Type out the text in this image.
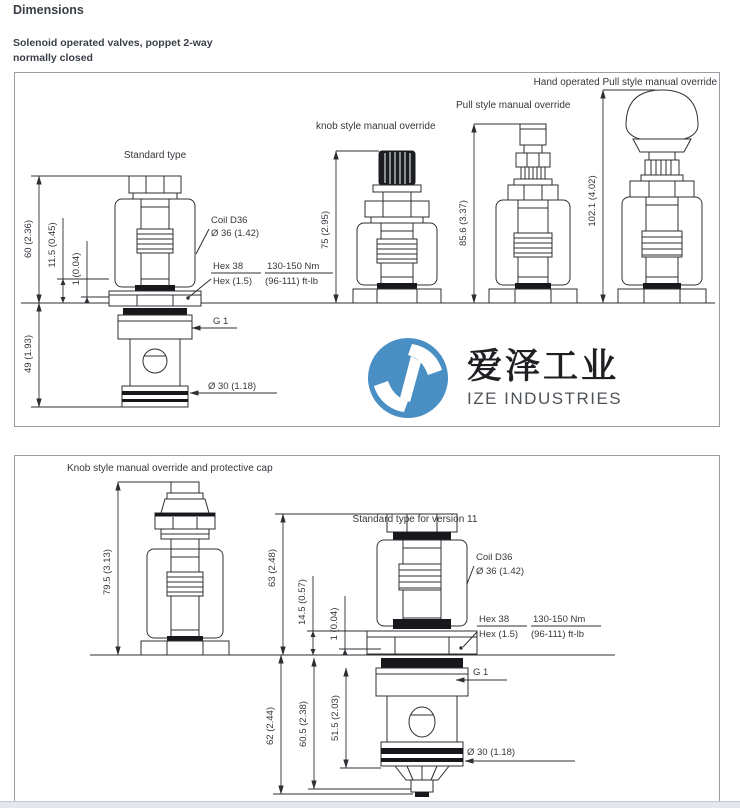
Dimensions
Solenoid operated valves, poppet 2-way
normally closed
60 (2.36) 11.5 (0.45)
1 (0.04)
49 (1.93)
Standard type
Coil D36
Ø 36 (1.42)
Hex 38
Hex (1.5)
130-150 Nm
(96-111) ft-lb
G 1
Ø 30 (1.18)
75 (2.95)
knob style manual override
85.6 (3.37)
Pull style manual override
102.1 (4.02)
Hand operated Pull style manual override
爱泽工业
IZE INDUSTRIES
79.5 (3.13)
Knob style manual override and protective cap
Standard type for version 11
63 (2.48)
14.5 (0.57) 1 (0.04)
62 (2.44) 60.5 (2.38) 51.5 (2.03)
Coil D36
Ø 36 (1.42)
Hex 38
Hex (1.5)
130-150 Nm
(96-111) ft-lb
G 1
Ø 30 (1.18)
